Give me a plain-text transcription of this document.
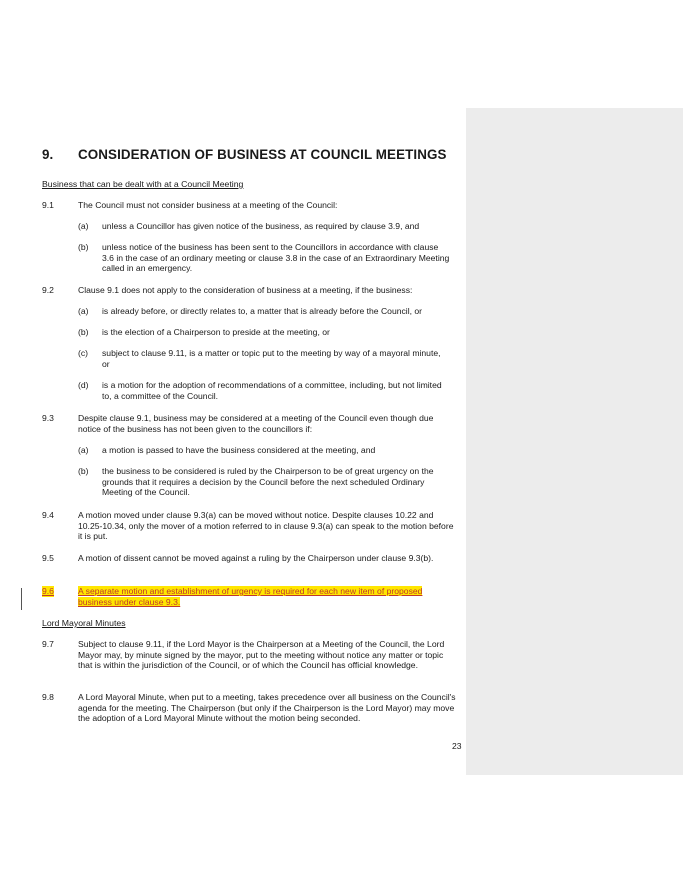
9. CONSIDERATION OF BUSINESS AT COUNCIL MEETINGS
Business that can be dealt with at a Council Meeting
9.1	The Council must not consider business at a meeting of the Council:
(a) unless a Councillor has given notice of the business, as required by clause 3.9, and
(b) unless notice of the business has been sent to the Councillors in accordance with clause 3.6 in the case of an ordinary meeting or clause 3.8 in the case of an Extraordinary Meeting called in an emergency.
9.2	Clause 9.1 does not apply to the consideration of business at a meeting, if the business:
(a) is already before, or directly relates to, a matter that is already before the Council, or
(b) is the election of a Chairperson to preside at the meeting, or
(c) subject to clause 9.11, is a matter or topic put to the meeting by way of a mayoral minute, or
(d) is a motion for the adoption of recommendations of a committee, including, but not limited to, a committee of the Council.
9.3	Despite clause 9.1, business may be considered at a meeting of the Council even though due notice of the business has not been given to the councillors if:
(a) a motion is passed to have the business considered at the meeting, and
(b) the business to be considered is ruled by the Chairperson to be of great urgency on the grounds that it requires a decision by the Council before the next scheduled Ordinary Meeting of the Council.
9.4	A motion moved under clause 9.3(a) can be moved without notice. Despite clauses 10.22 and 10.25-10.34, only the mover of a motion referred to in clause 9.3(a) can speak to the motion before it is put.
9.5	A motion of dissent cannot be moved against a ruling by the Chairperson under clause 9.3(b).
9.6	A separate motion and establishment of urgency is required for each new item of proposed business under clause 9.3.
Lord Mayoral Minutes
9.7	Subject to clause 9.11, if the Lord Mayor is the Chairperson at a Meeting of the Council, the Lord Mayor may, by minute signed by the mayor, put to the meeting without notice any matter or topic that is within the jurisdiction of the Council, or of which the Council has official knowledge.
9.8	A Lord Mayoral Minute, when put to a meeting, takes precedence over all business on the Council's agenda for the meeting. The Chairperson (but only if the Chairperson is the Lord Mayor) may move the adoption of a Lord Mayoral Minute without the motion being seconded.
23
